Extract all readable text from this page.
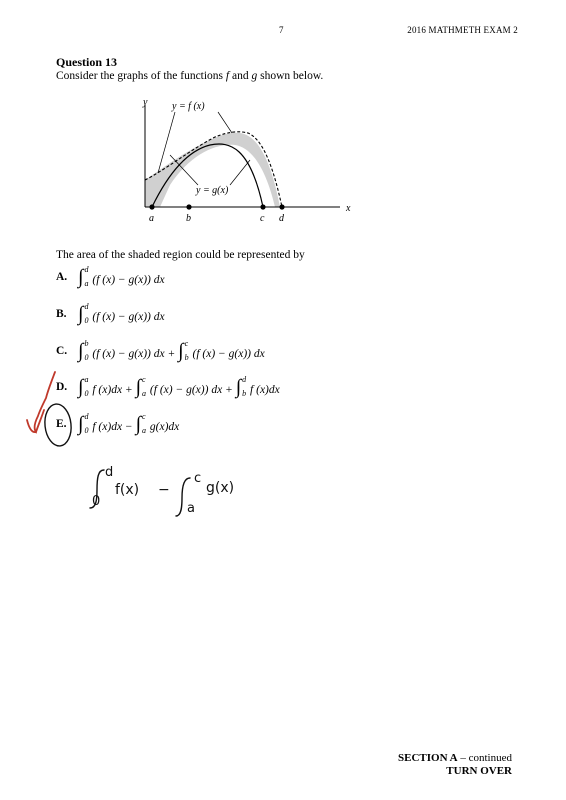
7	2016 MATHMETH EXAM 2
Question 13
Consider the graphs of the functions f and g shown below.
y
x
y = f (x)
y = g(x)
a	b	c d
The area of the shaded region could be represented by
A. ∫ d
a (f (x) − g(x)) dx
B. ∫ d
0 (f (x) − g(x)) dx
C. ∫ b
0 (f (x) − g(x)) dx + ∫ c
b (f (x) − g(x)) dx
D. ∫ a
0 f (x)dx + ∫ c
a (f (x) − g(x)) dx + ∫ d
b f (x)dx
E. ∫ d
0 f (x)dx − ∫ c
a g(x)dx
d
0
f(x) −
c
a
g(x)
SECTION A – continued
TURN OVER
